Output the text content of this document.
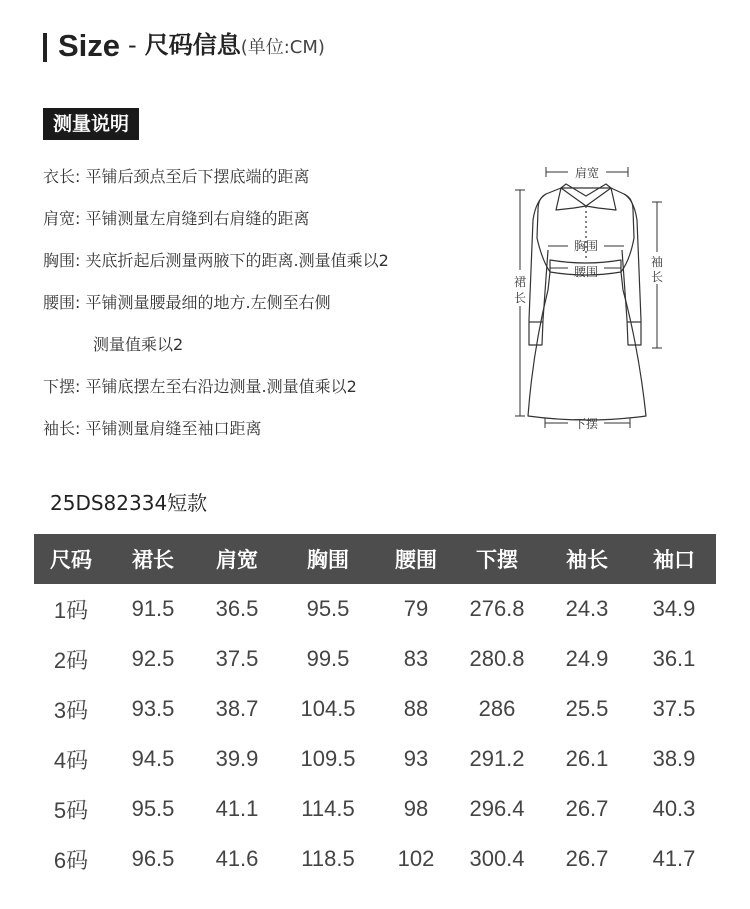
Size - 尺码信息(单位:CM)
测量说明
衣长: 平铺后颈点至后下摆底端的距离
肩宽: 平铺测量左肩缝到右肩缝的距离
胸围: 夹底折起后测量两腋下的距离.测量值乘以2
腰围: 平铺测量腰最细的地方.左侧至右侧
测量值乘以2
下摆: 平铺底摆左至右沿边测量.测量值乘以2
袖长: 平铺测量肩缝至袖口距离
肩宽
胸围
腰围
裙
长
袖
长
下摆
25DS82334短款
尺码	裙长	肩宽	胸围	腰围	下摆	袖长	袖口
1码	91.5	36.5	95.5	79	276.8	24.3	34.9
2码	92.5	37.5	99.5	83	280.8	24.9	36.1
3码	93.5	38.7	104.5	88	286	25.5	37.5
4码	94.5	39.9	109.5	93	291.2	26.1	38.9
5码	95.5	41.1	114.5	98	296.4	26.7	40.3
6码	96.5	41.6	118.5	102	300.4	26.7	41.7
